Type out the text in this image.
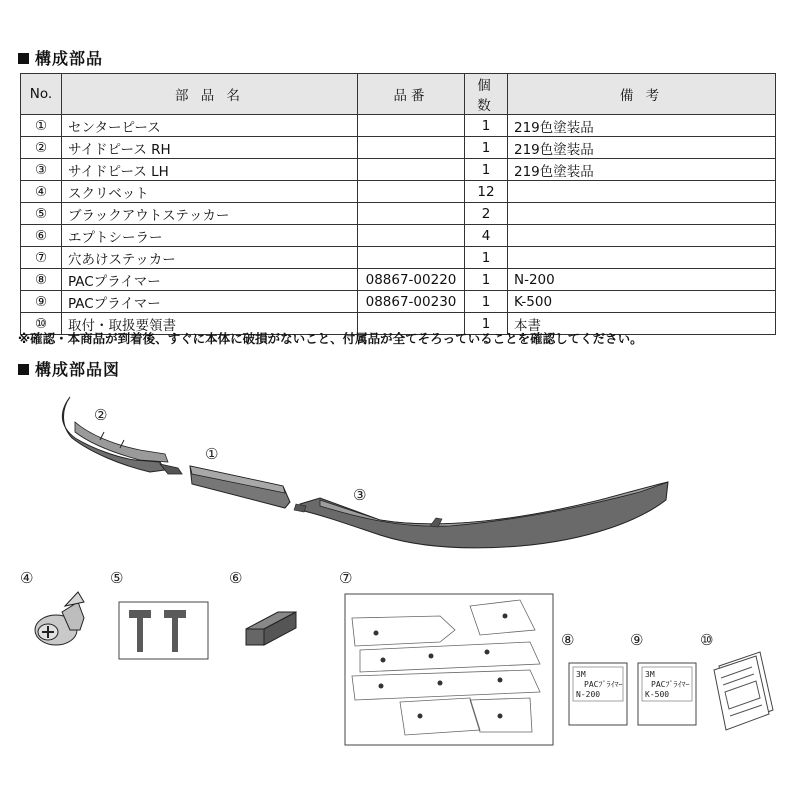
構成部品
No.	部 品 名	品番	個数	備 考
①	センターピース		1	219色塗装品
②	サイドピース RH		1	219色塗装品
③	サイドピース LH		1	219色塗装品
④	スクリベット		12	
⑤	ブラックアウトステッカー		2	
⑥	エプトシーラー		4	
⑦	穴あけステッカー		1	
⑧	PACプライマー	08867-00220	1	N-200
⑨	PACプライマー	08867-00230	1	K-500
⑩	取付・取扱要領書		1	本書
※確認・本商品が到着後、すぐに本体に破損がないこと、付属品が全てそろっていることを確認してください。
構成部品図
②
①
③
④	⑤	⑥	⑦
⑧
3M
PACﾌﾟﾗｲﾏｰ
N-200
⑨
3M
PACﾌﾟﾗｲﾏｰ
K-500
⑩
